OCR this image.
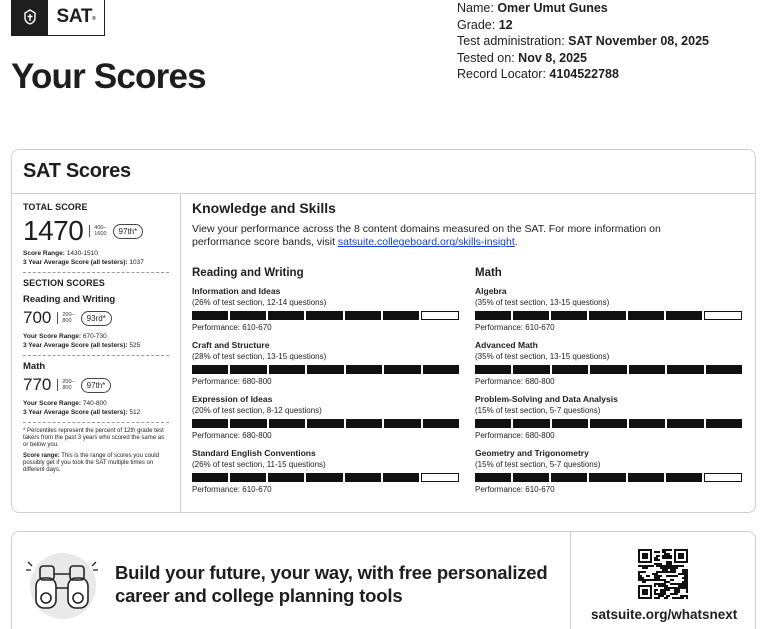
SAT ®
Your Scores
Name: Omer Umut Gunes
Grade: 12
Test administration: SAT November 08, 2025
Tested on: Nov 8, 2025
Record Locator: 4104522788
SAT Scores
TOTAL SCORE
1470	400–
1600	97th*
Score Range: 1430-1510
3 Year Average Score (all testers): 1037
SECTION SCORES
Reading and Writing
700	200–
800	93rd*
Your Score Range: 670-730
3 Year Average Score (all testers): 525
Math
770	200–
800	97th*
Your Score Range: 740-800
3 Year Average Score (all testers): 512
* Percentiles represent the percent of 12th grade test takers from the past 3 years who scored the same as or below you.
Score range: This is the range of scores you could possibly get if you took the SAT multiple times on different days.
Knowledge and Skills

View your performance across the 8 content domains measured on the SAT. For more information on performance score bands, visit satsuite.collegeboard.org/skills-insight.

Reading and Writing
Information and Ideas
(26% of test section, 12-14 questions)
Performance: 610-670
Craft and Structure
(28% of test section, 13-15 questions)
Performance: 680-800
Expression of Ideas
(20% of test section, 8-12 questions)
Performance: 680-800
Standard English Conventions
(26% of test section, 11-15 questions)
Performance: 610-670
Math
Algebra
(35% of test section, 13-15 questions)
Performance: 610-670
Advanced Math
(35% of test section, 13-15 questions)
Performance: 680-800
Problem-Solving and Data Analysis
(15% of test section, 5-7 questions)
Performance: 680-800
Geometry and Trigonometry
(15% of test section, 5-7 questions)
Performance: 610-670
Build your future, your way, with free personalized
career and college planning tools
satsuite.org/whatsnext
